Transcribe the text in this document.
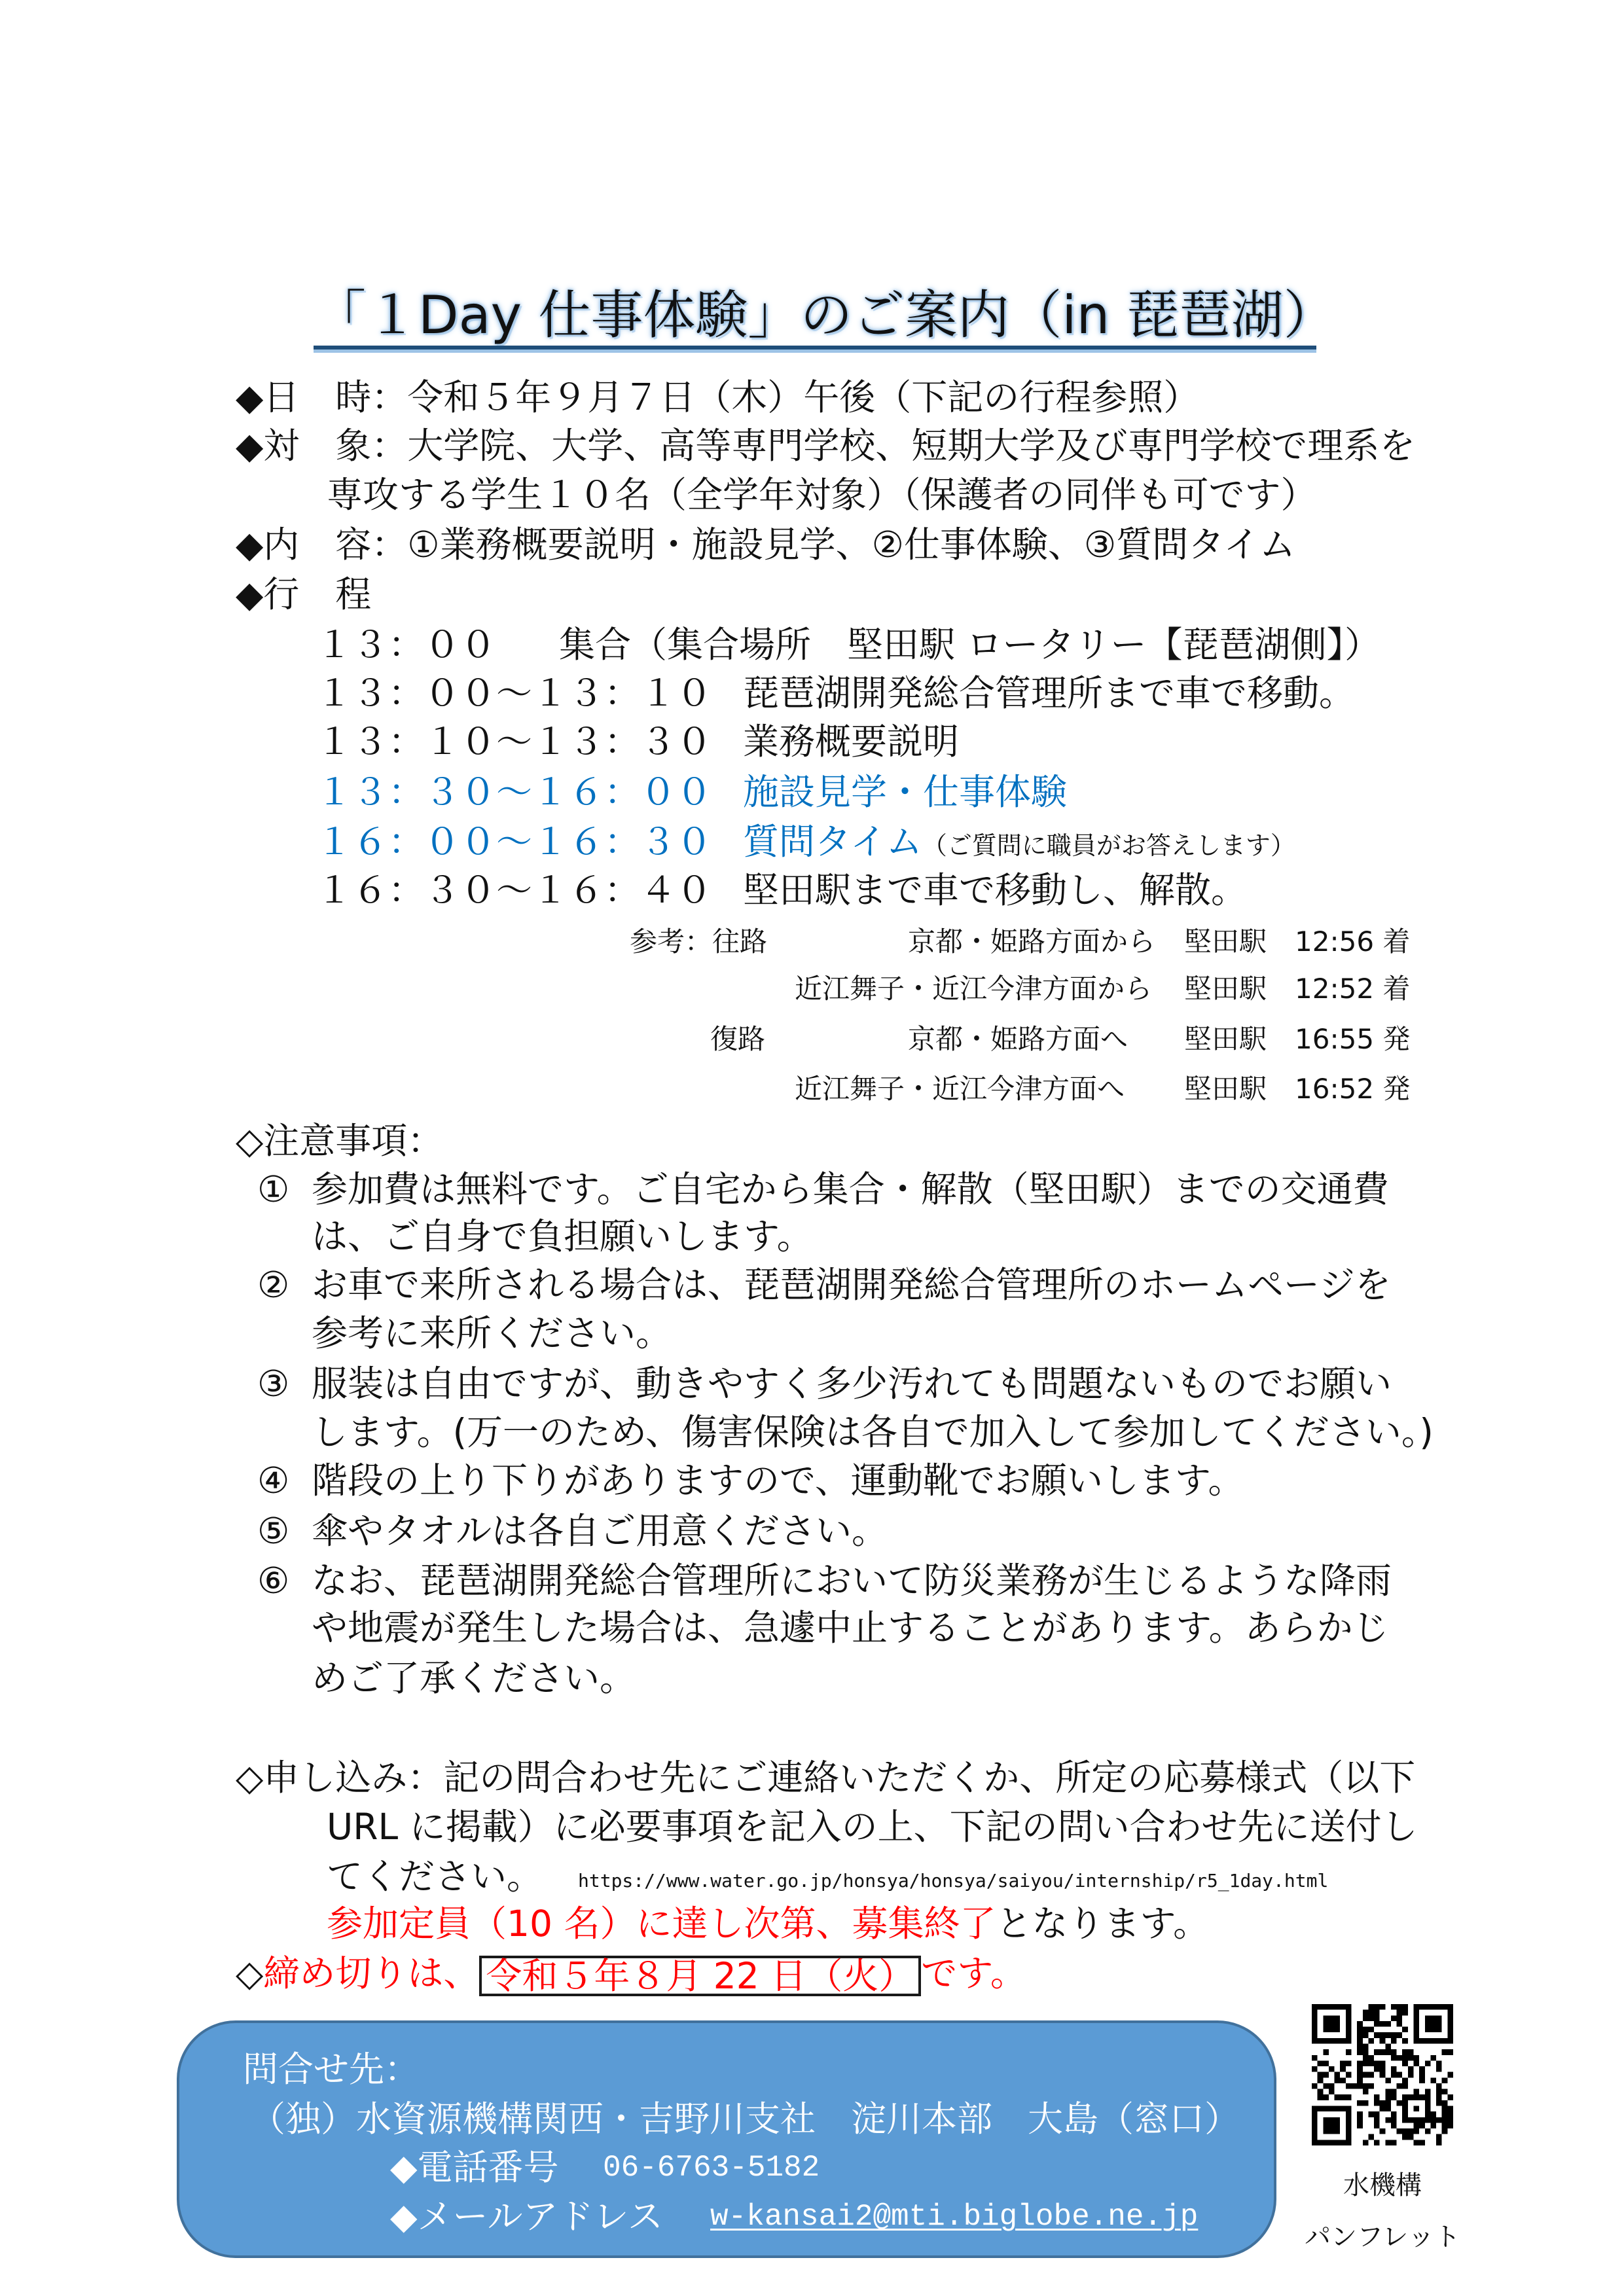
「１Day 仕事体験」のご案内（in 琵琶湖）
◆日　時：令和５年９月７日（木）午後（下記の行程参照）
◆対　象：大学院、大学、高等専門学校、短期大学及び専門学校で理系を
専攻する学生１０名（全学年対象）（保護者の同伴も可です）
◆内　容：①業務概要説明・施設見学、②仕事体験、③質問タイム
◆行　程
１３：００ 集合（集合場所　堅田駅 ロータリー【琵琶湖側】）
１３：００～１３：１０ 琵琶湖開発総合管理所まで車で移動。
１３：１０～１３：３０ 業務概要説明
１３：３０～１６：００ 施設見学・仕事体験
１６：００～１６：３０ 質問タイム（ご質問に職員がお答えします）
１６：３０～１６：４０ 堅田駅まで車で移動し、解散。
参考：往路	京都・姫路方面から 堅田駅 12:56 着
近江舞子・近江今津方面から 堅田駅 12:52 着
復路	京都・姫路方面へ 堅田駅 16:55 発
近江舞子・近江今津方面へ 堅田駅 16:52 発
◇注意事項：
① 参加費は無料です。ご自宅から集合・解散（堅田駅）までの交通費
は、ご自身で負担願いします。
② お車で来所される場合は、琵琶湖開発総合管理所のホームページを
参考に来所ください。
③ 服装は自由ですが、動きやすく多少汚れても問題ないものでお願い
します。(万一のため、傷害保険は各自で加入して参加してください。)
④ 階段の上り下りがありますので、運動靴でお願いします。
⑤ 傘やタオルは各自ご用意ください。
⑥ なお、琵琶湖開発総合管理所において防災業務が生じるような降雨
や地震が発生した場合は、急遽中止することがあります。あらかじ
めご了承ください。
◇申し込み：記の問合わせ先にご連絡いただくか、所定の応募様式（以下
URL に掲載）に必要事項を記入の上、下記の問い合わせ先に送付し
てください。 https://www.water.go.jp/honsya/honsya/saiyou/internship/r5_1day.html
参加定員（10 名）に達し次第、募集終了となります。
◇締め切りは、 令和５年８月 22 日（火） です。
問合せ先：
（独）水資源機構関西・吉野川支社　淀川本部　大島（窓口）
◆電話番号 06-6763-5182
◆メールアドレス w-kansai2@mti.biglobe.ne.jp
水機構
パンフレット
